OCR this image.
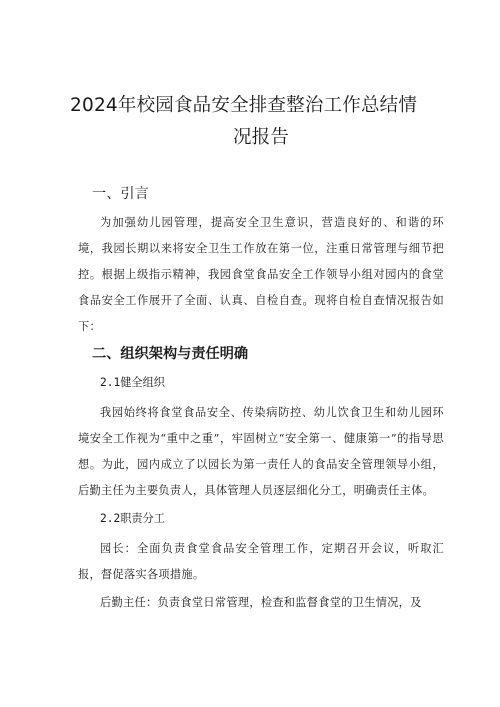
2024年校园食品安全排查整治工作总结情
况报告
一、引言

为加强幼儿园管理，提高安全卫生意识，营造良好的、和谐的环境，我园长期以来将安全卫生工作放在第一位，注重日常管理与细节把控。根据上级指示精神，我园食堂食品安全工作领导小组对园内的食堂食品安全工作展开了全面、认真、自检自查。现将自检自查情况报告如下：

二、组织架构与责任明确
2.1健全组织

我园始终将食堂食品安全、传染病防控、幼儿饮食卫生和幼儿园环境安全工作视为“重中之重”，牢固树立“安全第一、健康第一”的指导思想。为此，园内成立了以园长为第一责任人的食品安全管理领导小组，后勤主任为主要负责人，具体管理人员逐层细化分工，明确责任主体。

2.2职责分工

园长：全面负责食堂食品安全管理工作，定期召开会议，听取汇报，督促落实各项措施。

后勤主任：负责食堂日常管理，检查和监督食堂的卫生情况，及
